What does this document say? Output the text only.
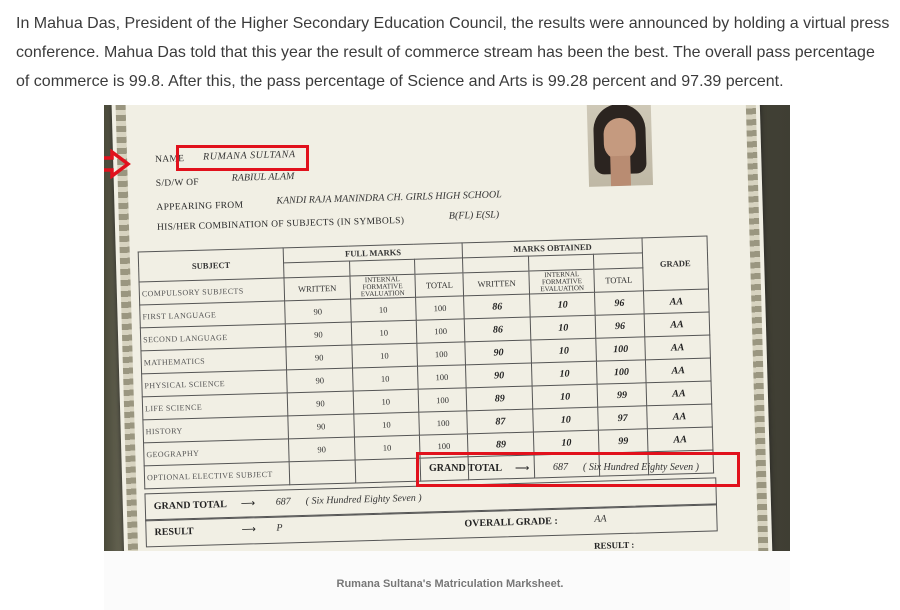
In Mahua Das, President of the Higher Secondary Education Council, the results were announced by holding a virtual press conference. Mahua Das told that this year the result of commerce stream has been the best. The overall pass percentage of commerce is 99.8. After this, the pass percentage of Science and Arts is 99.28 percent and 97.39 percent.
NAME RUMANA SULTANA
S/D/W OF	RABIUL ALAM
APPEARING FROM
KANDI RAJA MANINDRA CH. GIRLS HIGH SCHOOL
HIS/HER COMBINATION OF SUBJECTS (IN SYMBOLS)
B(FL) E(SL)
SUBJECT	FULL MARKS			MARKS OBTAINED			GRADE

COMPULSORY SUBJECTS	WRITTEN	INTERNAL FORMATIVE EVALUATION	TOTAL	WRITTEN	INTERNAL FORMATIVE EVALUATION	TOTAL	
FIRST LANGUAGE	90	10	100	86	10	96	AA
SECOND LANGUAGE	90	10	100	86	10	96	AA
MATHEMATICS	90	10	100	90	10	100	AA
PHYSICAL SCIENCE	90	10	100	90	10	100	AA
LIFE SCIENCE	90	10	100	89	10	99	AA
HISTORY	90	10	100	87	10	97	AA
GEOGRAPHY	90	10	100	89	10	99	AA
OPTIONAL ELECTIVE SUBJECT							
GRAND TOTAL ⟶ 687 ( Six Hundred Eighty Seven )
RESULT	⟶ P	OVERALL GRADE :	AA
RESULT :
GRAND TOTAL ⟶ 687 ( Six Hundred Eighty Seven )
Rumana Sultana's Matriculation Marksheet.
